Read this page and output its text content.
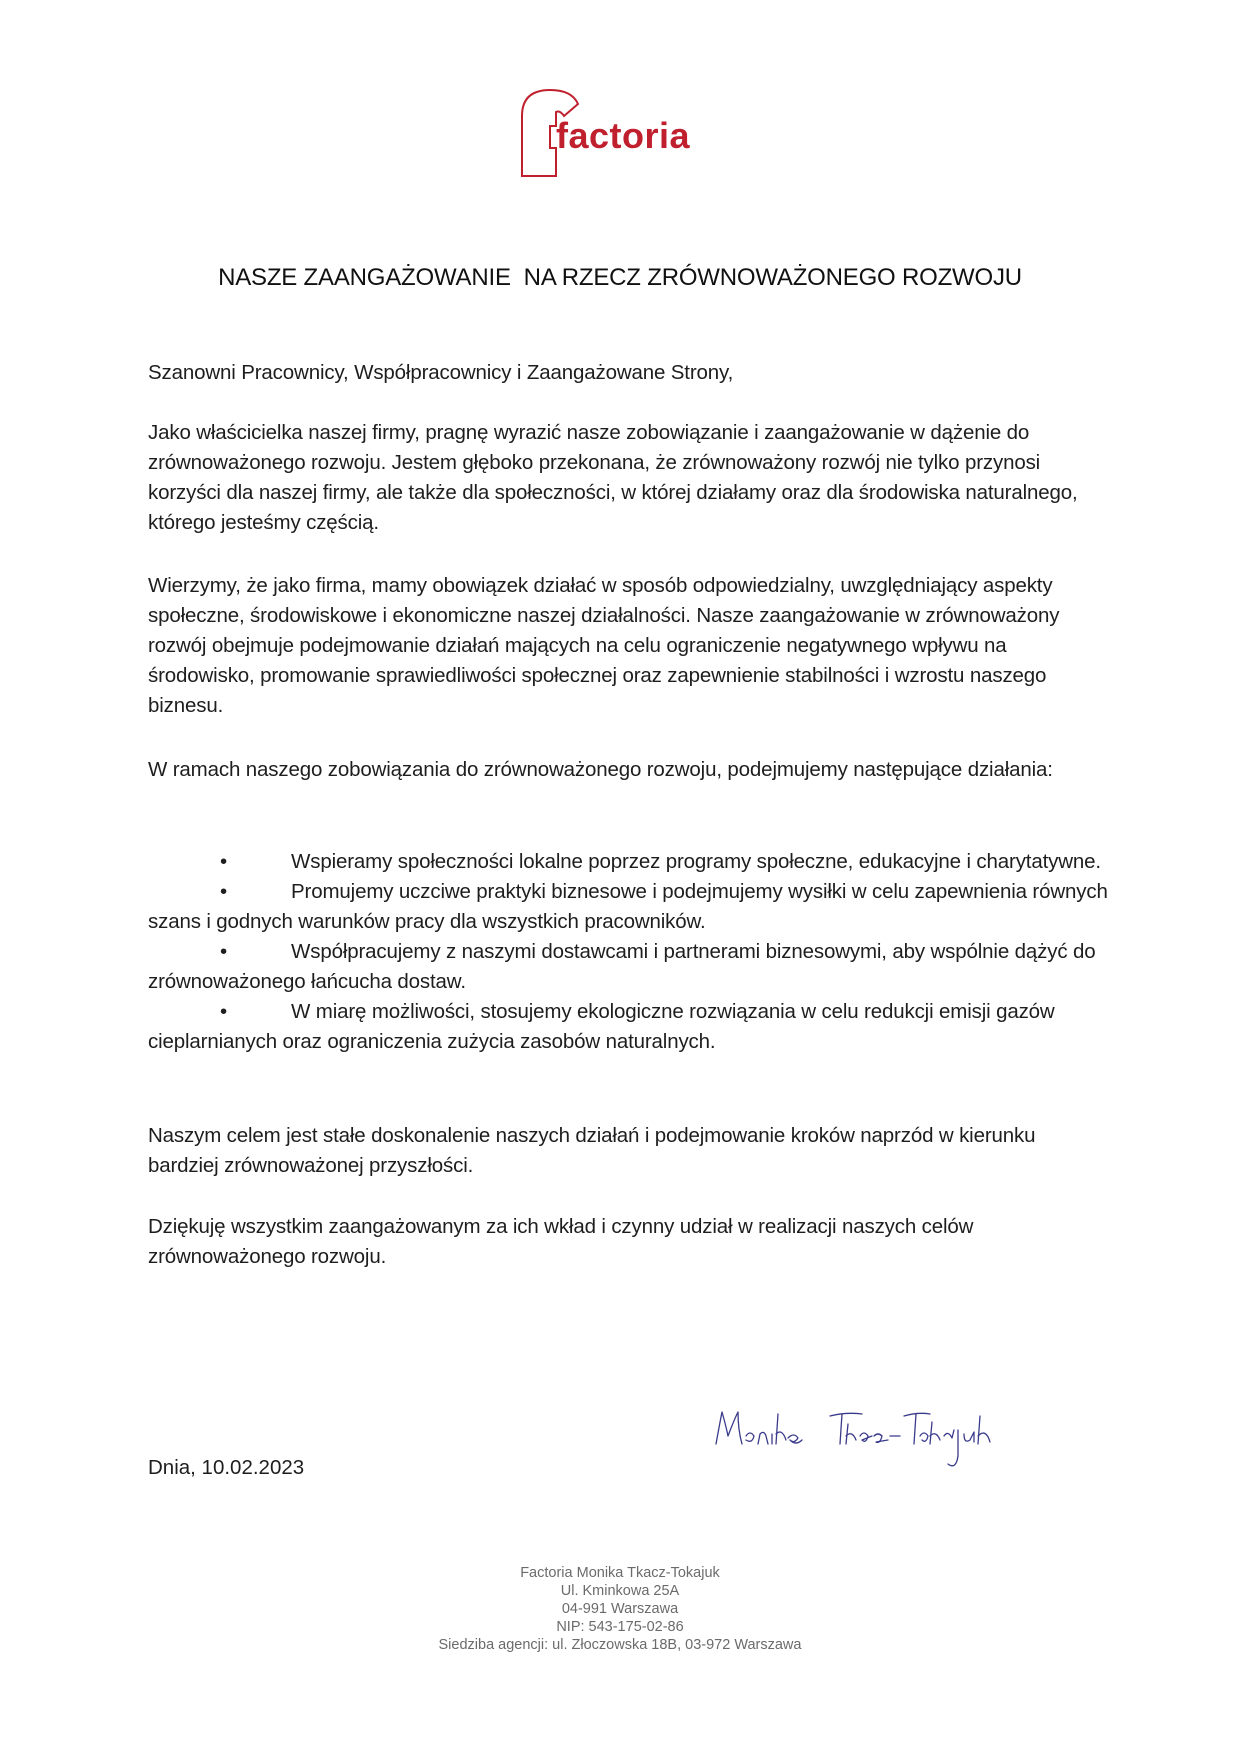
factoria
NASZE ZAANGAŻOWANIE  NA RZECZ ZRÓWNOWAŻONEGO ROZWOJU
Szanowni Pracownicy, Współpracownicy i Zaangażowane Strony,
Jako właścicielka naszej firmy, pragnę wyrazić nasze zobowiązanie i zaangażowanie w dążenie do zrównoważonego rozwoju. Jestem głęboko przekonana, że zrównoważony rozwój nie tylko przynosi korzyści dla naszej firmy, ale także dla społeczności, w której działamy oraz dla środowiska naturalnego, którego jesteśmy częścią.
Wierzymy, że jako firma, mamy obowiązek działać w sposób odpowiedzialny, uwzględniający aspekty społeczne, środowiskowe i ekonomiczne naszej działalności. Nasze zaangażowanie w zrównoważony rozwój obejmuje podejmowanie działań mających na celu ograniczenie negatywnego wpływu na środowisko, promowanie sprawiedliwości społecznej oraz zapewnienie stabilności i wzrostu naszego biznesu.
W ramach naszego zobowiązania do zrównoważonego rozwoju, podejmujemy następujące działania:
•	Wspieramy społeczności lokalne poprzez programy społeczne, edukacyjne i charytatywne.
•	Promujemy uczciwe praktyki biznesowe i podejmujemy wysiłki w celu zapewnienia równych szans i godnych warunków pracy dla wszystkich pracowników.
•	Współpracujemy z naszymi dostawcami i partnerami biznesowymi, aby wspólnie dążyć do zrównoważonego łańcucha dostaw.
•	W miarę możliwości, stosujemy ekologiczne rozwiązania w celu redukcji emisji gazów cieplarnianych oraz ograniczenia zużycia zasobów naturalnych.
Naszym celem jest stałe doskonalenie naszych działań i podejmowanie kroków naprzód w kierunku bardziej zrównoważonej przyszłości.
Dziękuję wszystkim zaangażowanym za ich wkład i czynny udział w realizacji naszych celów zrównoważonego rozwoju.
Dnia, 10.02.2023
Factoria Monika Tkacz-Tokajuk
Ul. Kminkowa 25A
04-991 Warszawa
NIP: 543-175-02-86
Siedziba agencji: ul. Złoczowska 18B, 03-972 Warszawa
